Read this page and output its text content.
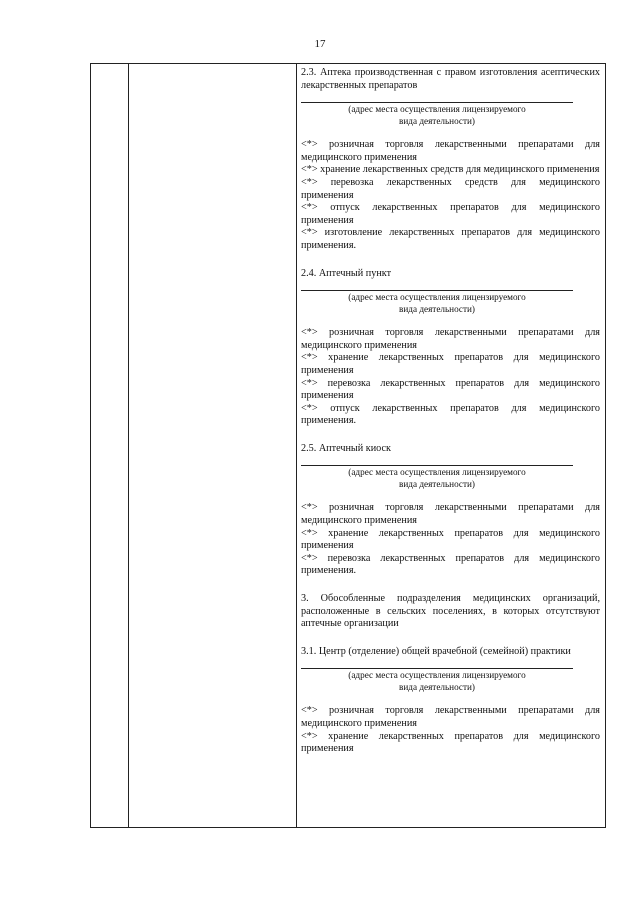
17

2.3. Аптека производственная с правом изготовления асептических лекарственных препаратов

(адрес места осуществления лицензируемого
вида деятельности)

<*> розничная торговля лекарственными препаратами для медицинского применения

<*> хранение лекарственных средств для медицинского применения

<*> перевозка лекарственных средств для медицинского применения

<*> отпуск лекарственных препаратов для медицинского применения

<*> изготовление лекарственных препаратов для медицинского применения.

2.4. Аптечный пункт

(адрес места осуществления лицензируемого
вида деятельности)

<*> розничная торговля лекарственными препаратами для медицинского применения

<*> хранение лекарственных препаратов для медицинского применения

<*> перевозка лекарственных препаратов для медицинского применения

<*> отпуск лекарственных препаратов для медицинского применения.

2.5. Аптечный киоск

(адрес места осуществления лицензируемого
вида деятельности)

<*> розничная торговля лекарственными препаратами для медицинского применения

<*> хранение лекарственных препаратов для медицинского применения

<*> перевозка лекарственных препаратов для медицинского применения.

3. Обособленные подразделения медицинских организаций, расположенные в сельских поселениях, в которых отсутствуют аптечные организации

3.1. Центр (отделение) общей врачебной (семейной) практики

(адрес места осуществления лицензируемого
вида деятельности)

<*> розничная торговля лекарственными препаратами для медицинского применения

<*> хранение лекарственных препаратов для медицинского применения
